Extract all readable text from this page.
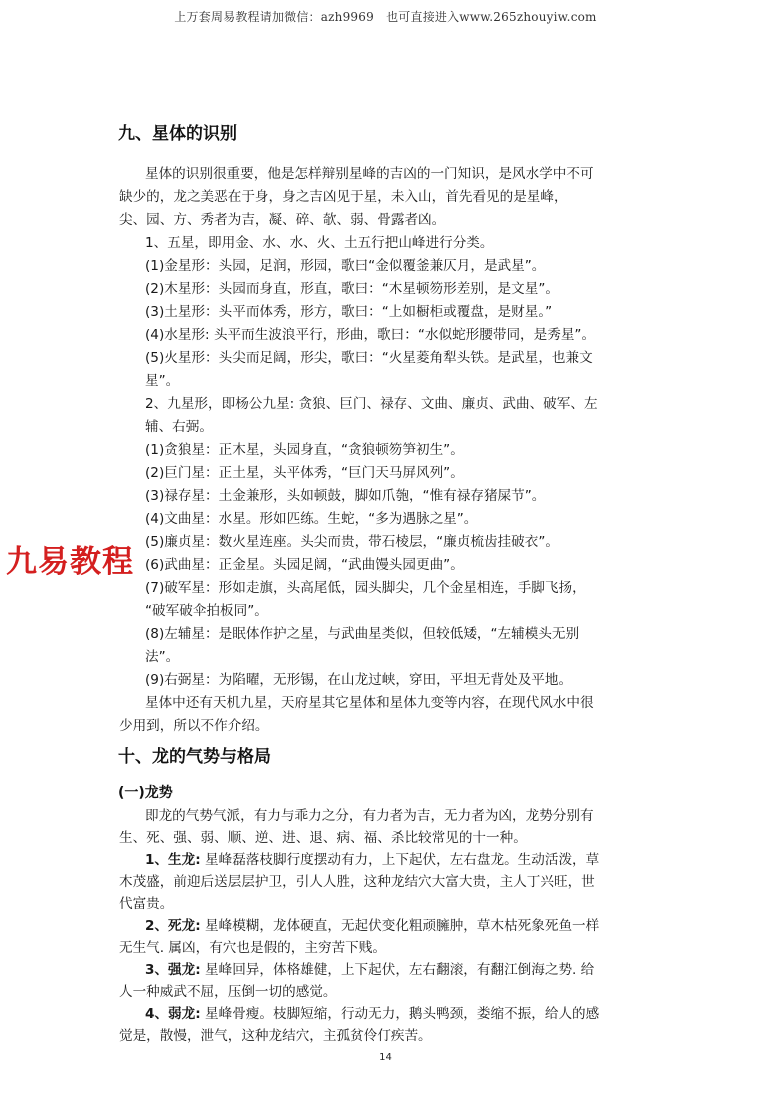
上万套周易教程请加微信：azh9969　也可直接进入www.265zhouyiw.com
九、星体的识别
星体的识别很重要，他是怎样辩别星峰的吉凶的一门知识，是风水学中不可
缺少的，龙之美恶在于身，身之吉凶见于星，未入山，首先看见的是星峰，
尖、园、方、秀者为吉，凝、碎、欹、弱、骨露者凶。
1、五星，即用金、水、水、火、土五行把山峰进行分类。
(1)金星形：头园，足润，形园，歌曰“金似覆釜兼仄月，是武星”。
(2)木星形：头园而身直，形直，歌曰：“木星顿笏形差别，是文星”。
(3)土星形：头平而体秀，形方，歌曰：“上如橱柜或覆盘，是财星。”
(4)水星形: 头平而生波浪平行，形曲，歌曰：“水似蛇形腰带同，是秀星”。
(5)火星形：头尖而足阔，形尖，歌曰：“火星菱角犁头铁。是武星，也兼文
星”。
2、九星形，即杨公九星: 贪狼、巨门、禄存、文曲、廉贞、武曲、破军、左
辅、右弼。
(1)贪狼星：正木星，头园身直，“贪狼顿笏笋初生”。
(2)巨门星：正土星，头平体秀，“巨门天马屏风列”。
(3)禄存星：土金兼形，头如顿鼓，脚如爪匏，“惟有禄存猪屎节”。
(4)文曲星：水星。形如匹练。生蛇，“多为遇脉之星”。
(5)廉贞星：数火星连座。头尖而贵，带石棱层，“廉贞梳齿挂破衣”。
(6)武曲星：正金星。头园足阔，“武曲馒头园更曲”。
(7)破军星：形如走旗，头高尾低，园头脚尖，几个金星相连，手脚飞扬，
“破军破伞拍板同”。
(8)左辅星：是眠体作护之星，与武曲星类似，但较低矮，“左辅模头无别
法”。
(9)右弼星：为陷曜，无形锡，在山龙过峡，穿田，平坦无背处及平地。
星体中还有天机九星，天府星其它星体和星体九变等内容，在现代风水中很
少用到，所以不作介绍。
九易教程
十、龙的气势与格局
(一)龙势
即龙的气势气派，有力与乖力之分，有力者为吉，无力者为凶，龙势分别有
生、死、强、弱、顺、逆、进、退、病、福、杀比较常见的十一种。
1、生龙: 星峰磊落枝脚行度摆动有力，上下起伏，左右盘龙。生动活泼，草
木茂盛，前迎后送层层护卫，引人人胜，这种龙结穴大富大贵，主人丁兴旺，世
代富贵。
2、死龙: 星峰模糊，龙体硬直，无起伏变化粗顽臃肿，草木枯死象死鱼一样
无生气. 属凶，有穴也是假的，主穷苦下贱。
3、强龙: 星峰回异，体格雄健，上下起伏，左右翻滚，有翻江倒海之势. 给
人一种威武不屈，压倒一切的感觉。
4、弱龙: 星峰骨瘦。枝脚短缩，行动无力，鹅头鸭颈，娄缩不振，给人的感
觉是，散慢，泄气，这种龙结穴，主孤贫伶仃疾苦。
14
